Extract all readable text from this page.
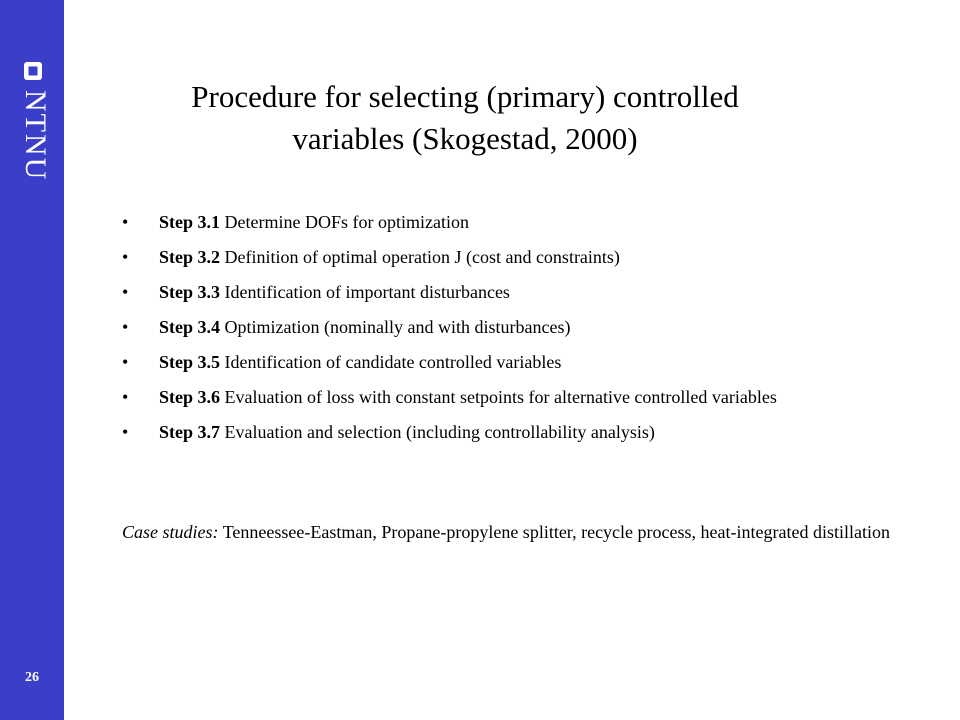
NTNU
26
Procedure for selecting (primary) controlled variables (Skogestad, 2000)
• Step 3.1 Determine DOFs for optimization
• Step 3.2 Definition of optimal operation J (cost and constraints)
• Step 3.3 Identification of important disturbances
• Step 3.4 Optimization (nominally and with disturbances)
• Step 3.5 Identification of candidate controlled variables
• Step 3.6 Evaluation of loss with constant setpoints for alternative controlled variables
• Step 3.7 Evaluation and selection (including controllability analysis)
Case studies: Tenneessee-Eastman, Propane-propylene splitter, recycle process, heat-integrated distillation
